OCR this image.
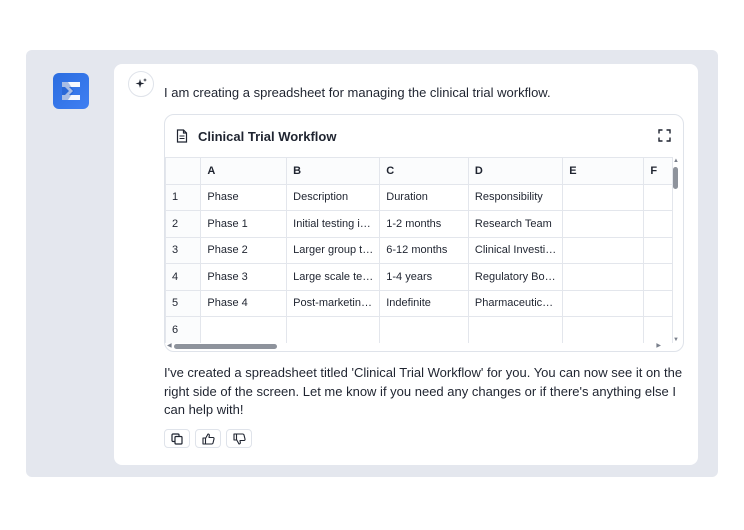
I am creating a spreadsheet for managing the clinical trial workflow.
Clinical Trial Workflow
	A	B	C	D	E	F
1	Phase	Description	Duration	Responsibility		
2	Phase 1	Initial testing i…	1-2 months	Research Team		
3	Phase 2	Larger group t…	6-12 months	Clinical Investi…		
4	Phase 3	Large scale te…	1-4 years	Regulatory Bo…		
5	Phase 4	Post-marketin…	Indefinite	Pharmaceutic…		
6						
▲
▼
◀	▶
I've created a spreadsheet titled 'Clinical Trial Workflow' for you. You can now see it on the right side of the screen. Let me know if you need any changes or if there's anything else I can help with!
